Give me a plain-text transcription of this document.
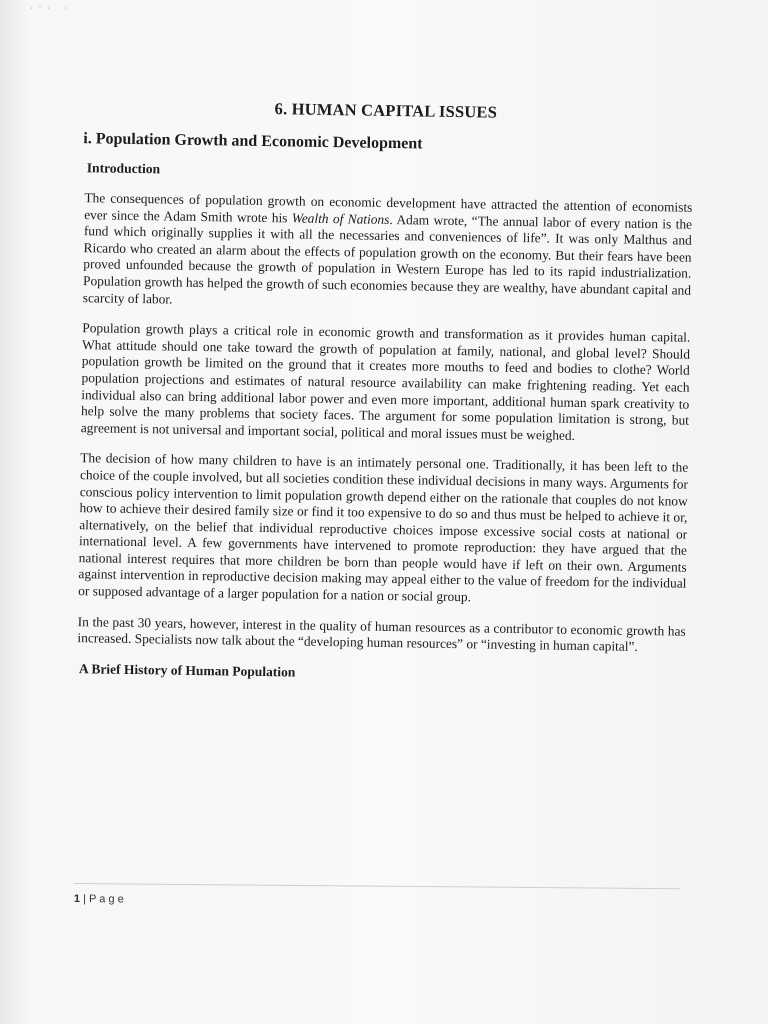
·ˉ· ·
6. HUMAN CAPITAL ISSUES
i. Population Growth and Economic Development
Introduction

The consequences of population growth on economic development have attracted the attention of economists ever since the Adam Smith wrote his Wealth of Nations. Adam wrote, “The annual labor of every nation is the fund which originally supplies it with all the necessaries and conveniences of life”. It was only Malthus and Ricardo who created an alarm about the effects of population growth on the economy. But their fears have been proved unfounded because the growth of population in Western Europe has led to its rapid industrialization. Population growth has helped the growth of such economies because they are wealthy, have abundant capital and scarcity of labor.

Population growth plays a critical role in economic growth and transformation as it provides human capital. What attitude should one take toward the growth of population at family, national, and global level? Should population growth be limited on the ground that it creates more mouths to feed and bodies to clothe? World population projections and estimates of natural resource availability can make frightening reading. Yet each individual also can bring additional labor power and even more important, additional human spark creativity to help solve the many problems that society faces. The argument for some population limitation is strong, but agreement is not universal and important social, political and moral issues must be weighed.

The decision of how many children to have is an intimately personal one. Traditionally, it has been left to the choice of the couple involved, but all societies condition these individual decisions in many ways. Arguments for conscious policy intervention to limit population growth depend either on the rationale that couples do not know how to achieve their desired family size or find it too expensive to do so and thus must be helped to achieve it or, alternatively, on the belief that individual reproductive choices impose excessive social costs at national or international level. A few governments have intervened to promote reproduction: they have argued that the national interest requires that more children be born than people would have if left on their own. Arguments against intervention in reproductive decision making may appeal either to the value of freedom for the individual or supposed advantage of a larger population for a nation or social group.

In the past 30 years, however, interest in the quality of human resources as a contributor to economic growth has increased. Specialists now talk about the “developing human resources” or “investing in human capital”.

A Brief History of Human Population
1 | P a g e
